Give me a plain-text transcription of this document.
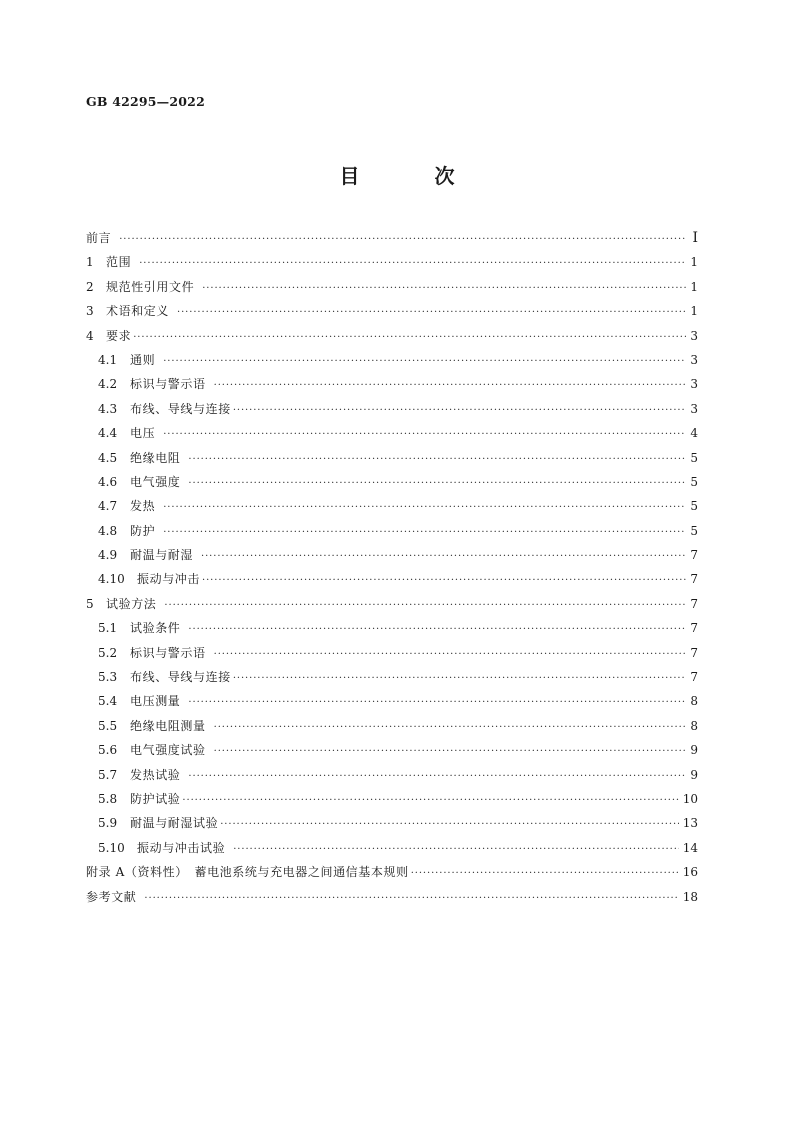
GB 42295—2022
目 次
前言 ·····	I
1	范围 ·····	1
2	规范性引用文件 ·····	1
3	术语和定义 ·····	1
4	要求 ·····	3
4.1	通则 ·····	3
4.2	标识与警示语 ·····	3
4.3	布线、导线与连接 ·····	3
4.4	电压 ·····	4
4.5	绝缘电阻 ·····	5
4.6	电气强度 ·····	5
4.7	发热 ·····	5
4.8	防护 ·····	5
4.9	耐温与耐湿 ·····	7
4.10	振动与冲击 ·····	7
5	试验方法 ·····	7
5.1	试验条件 ·····	7
5.2	标识与警示语 ·····	7
5.3	布线、导线与连接 ·····	7
5.4	电压测量 ·····	8
5.5	绝缘电阻测量 ·····	8
5.6	电气强度试验 ·····	9
5.7	发热试验 ·····	9
5.8	防护试验 ·····	10
5.9	耐温与耐湿试验 ·····	13
5.10	振动与冲击试验 ·····	14
附录 A（资料性）　蓄电池系统与充电器之间通信基本规则 ·····	16
参考文献 ·····	18
